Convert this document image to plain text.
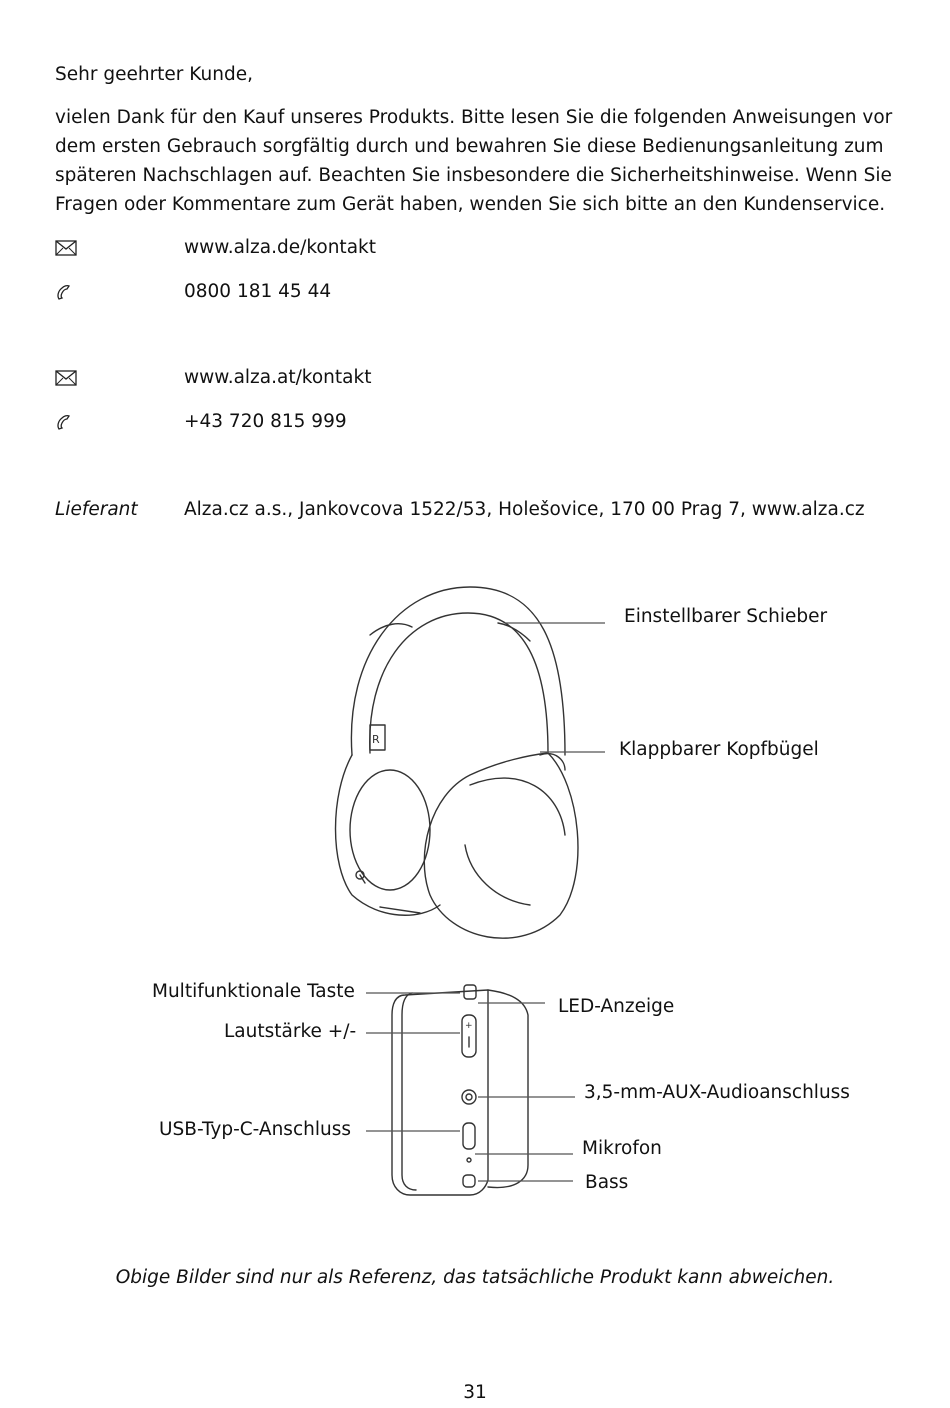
Sehr geehrter Kunde,
vielen Dank für den Kauf unseres Produkts. Bitte lesen Sie die folgenden Anweisungen vor dem ersten Gebrauch sorgfältig durch und bewahren Sie diese Bedienungsanleitung zum späteren Nachschlagen auf. Beachten Sie insbesondere die Sicherheitshinweise. Wenn Sie Fragen oder Kommentare zum Gerät haben, wenden Sie sich bitte an den Kundenservice.
www.alza.de/kontakt
0800 181 45 44
www.alza.at/kontakt
+43 720 815 999
Lieferant	Alza.cz a.s., Jankovcova 1522/53, Holešovice, 170 00 Prag 7, www.alza.cz
R
+
Einstellbarer Schieber
Klappbarer Kopfbügel
Multifunktionale Taste
Lautstärke +/-
LED-Anzeige
3,5-mm-AUX-Audioanschluss
USB-Typ-C-Anschluss
Mikrofon
Bass
Obige Bilder sind nur als Referenz, das tatsächliche Produkt kann abweichen.
31
